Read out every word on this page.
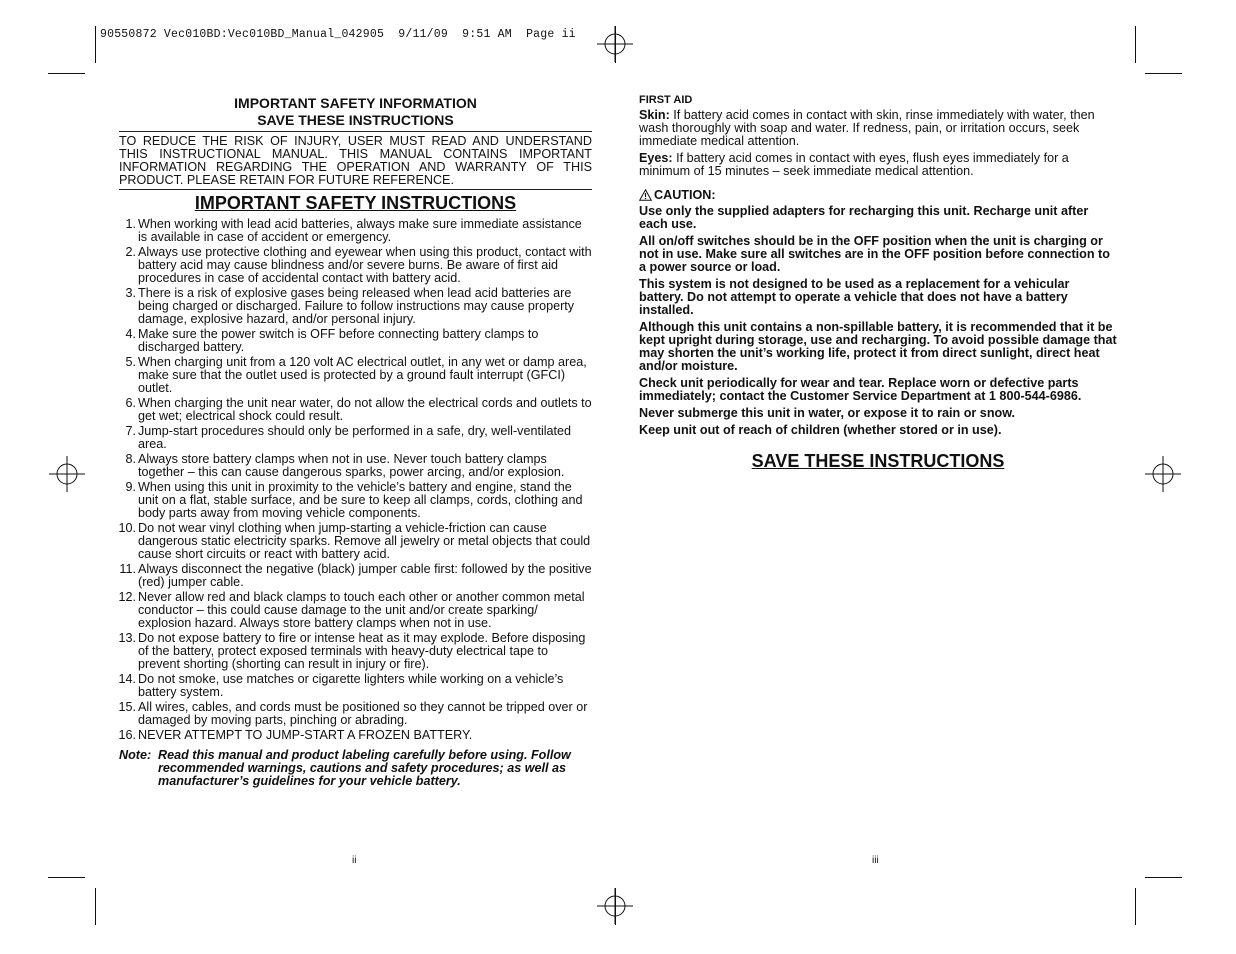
90550872 Vec010BD:Vec010BD_Manual_042905  9/11/09  9:51 AM  Page ii
IMPORTANT SAFETY INFORMATION
SAVE THESE INSTRUCTIONS
TO REDUCE THE RISK OF INJURY, USER MUST READ AND UNDERSTAND THIS INSTRUCTIONAL MANUAL. THIS MANUAL CONTAINS IMPORTANT INFORMATION REGARDING THE OPERATION AND WARRANTY OF THIS PRODUCT. PLEASE RETAIN FOR FUTURE REFERENCE.
IMPORTANT SAFETY INSTRUCTIONS
1. When working with lead acid batteries, always make sure immediate assistance is available in case of accident or emergency.
2. Always use protective clothing and eyewear when using this product, contact with battery acid may cause blindness and/or severe burns. Be aware of first aid procedures in case of accidental contact with battery acid.
3. There is a risk of explosive gases being released when lead acid batteries are being charged or discharged. Failure to follow instructions may cause property damage, explosive hazard, and/or personal injury.
4. Make sure the power switch is OFF before connecting battery clamps to discharged battery.
5. When charging unit from a 120 volt AC electrical outlet, in any wet or damp area, make sure that the outlet used is protected by a ground fault interrupt (GFCI) outlet.
6. When charging the unit near water, do not allow the electrical cords and outlets to get wet; electrical shock could result.
7. Jump-start procedures should only be performed in a safe, dry, well-ventilated area.
8. Always store battery clamps when not in use. Never touch battery clamps together – this can cause dangerous sparks, power arcing, and/or explosion.
9. When using this unit in proximity to the vehicle’s battery and engine, stand the unit on a flat, stable surface, and be sure to keep all clamps, cords, clothing and body parts away from moving vehicle components.
10. Do not wear vinyl clothing when jump-starting a vehicle-friction can cause dangerous static electricity sparks. Remove all jewelry or metal objects that could cause short circuits or react with battery acid.
11. Always disconnect the negative (black) jumper cable first: followed by the positive (red) jumper cable.
12. Never allow red and black clamps to touch each other or another common metal conductor – this could cause damage to the unit and/or create sparking/ explosion hazard. Always store battery clamps when not in use.
13. Do not expose battery to fire or intense heat as it may explode. Before disposing of the battery, protect exposed terminals with heavy-duty electrical tape to prevent shorting (shorting can result in injury or fire).
14. Do not smoke, use matches or cigarette lighters while working on a vehicle’s battery system.
15. All wires, cables, and cords must be positioned so they cannot be tripped over or damaged by moving parts, pinching or abrading.
16. NEVER ATTEMPT TO JUMP-START A FROZEN BATTERY.
Note: Read this manual and product labeling carefully before using. Follow recommended warnings, cautions and safety procedures; as well as manufacturer’s guidelines for your vehicle battery.
ii
FIRST AID

Skin: If battery acid comes in contact with skin, rinse immediately with water, then wash thoroughly with soap and water. If redness, pain, or irritation occurs, seek immediate medical attention.

Eyes: If battery acid comes in contact with eyes, flush eyes immediately for a minimum of 15 minutes – seek immediate medical attention.

CAUTION:

Use only the supplied adapters for recharging this unit. Recharge unit after each use.

All on/off switches should be in the OFF position when the unit is charging or not in use. Make sure all switches are in the OFF position before connection to a power source or load.

This system is not designed to be used as a replacement for a vehicular battery. Do not attempt to operate a vehicle that does not have a battery installed.

Although this unit contains a non-spillable battery, it is recommended that it be kept upright during storage, use and recharging. To avoid possible damage that may shorten the unit’s working life, protect it from direct sunlight, direct heat and/or moisture.

Check unit periodically for wear and tear. Replace worn or defective parts immediately; contact the Customer Service Department at 1 800-544-6986.

Never submerge this unit in water, or expose it to rain or snow.

Keep unit out of reach of children (whether stored or in use).

SAVE THESE INSTRUCTIONS
iii
